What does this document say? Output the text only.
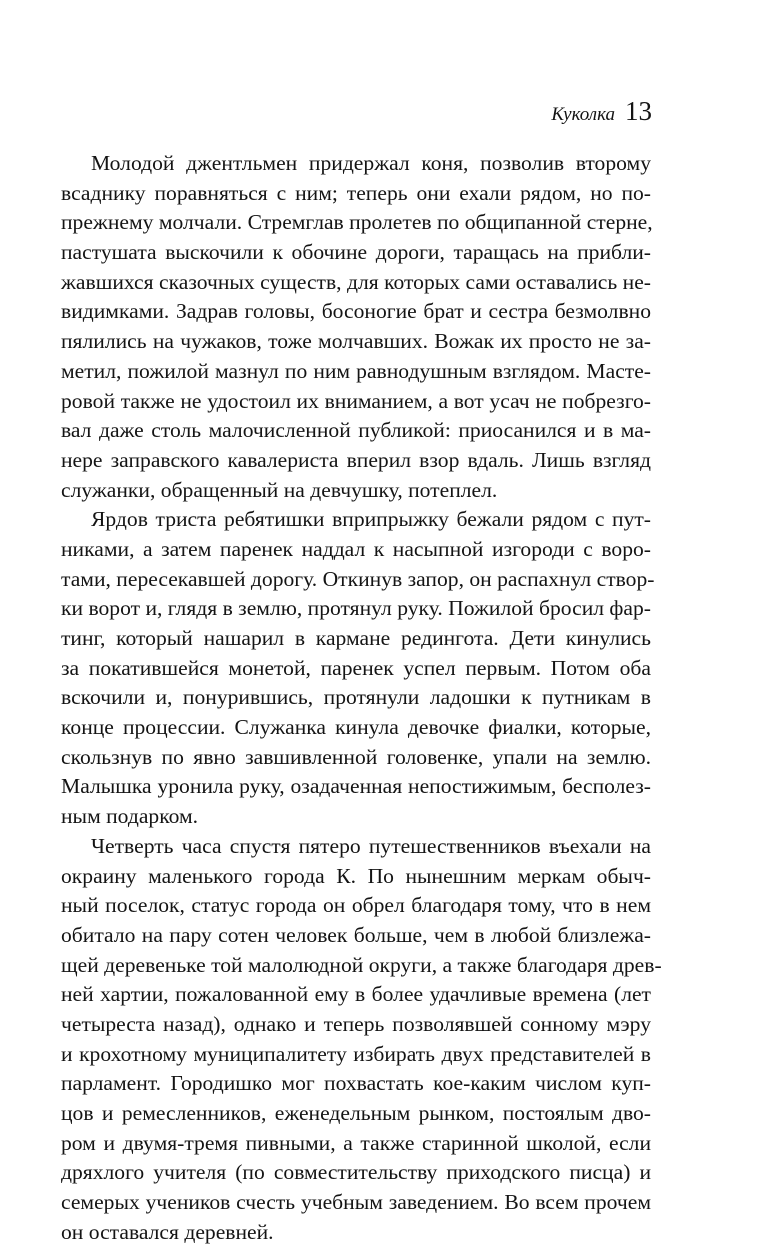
Куколка 13
Молодой джентльмен придержал коня, позволив второму
всаднику поравняться с ним; теперь они ехали рядом, но по-
прежнему молчали. Стремглав пролетев по общипанной стерне,
пастушата выскочили к обочине дороги, таращась на прибли-
жавшихся сказочных существ, для которых сами оставались не-
видимками. Задрав головы, босоногие брат и сестра безмолвно
пялились на чужаков, тоже молчавших. Вожак их просто не за-
метил, пожилой мазнул по ним равнодушным взглядом. Масте-
ровой также не удостоил их вниманием, а вот усач не побрезго-
вал даже столь малочисленной публикой: приосанился и в ма-
нере заправского кавалериста вперил взор вдаль. Лишь взгляд
служанки, обращенный на девчушку, потеплел.
Ярдов триста ребятишки вприпрыжку бежали рядом с пут-
никами, а затем паренек наддал к насыпной изгороди с воро-
тами, пересекавшей дорогу. Откинув запор, он распахнул створ-
ки ворот и, глядя в землю, протянул руку. Пожилой бросил фар-
тинг, который нашарил в кармане редингота. Дети кинулись
за покатившейся монетой, паренек успел первым. Потом оба
вскочили и, понурившись, протянули ладошки к путникам в
конце процессии. Служанка кинула девочке фиалки, которые,
скользнув по явно завшивленной головенке, упали на землю.
Малышка уронила руку, озадаченная непостижимым, бесполез-
ным подарком.
Четверть часа спустя пятеро путешественников въехали на
окраину маленького города К. По нынешним меркам обыч-
ный поселок, статус города он обрел благодаря тому, что в нем
обитало на пару сотен человек больше, чем в любой близлежа-
щей деревеньке той малолюдной округи, а также благодаря древ-
ней хартии, пожалованной ему в более удачливые времена (лет
четыреста назад), однако и теперь позволявшей сонному мэру
и крохотному муниципалитету избирать двух представителей в
парламент. Городишко мог похвастать кое-каким числом куп-
цов и ремесленников, еженедельным рынком, постоялым дво-
ром и двумя-тремя пивными, а также старинной школой, если
дряхлого учителя (по совместительству приходского писца) и
семерых учеников счесть учебным заведением. Во всем прочем
он оставался деревней.
